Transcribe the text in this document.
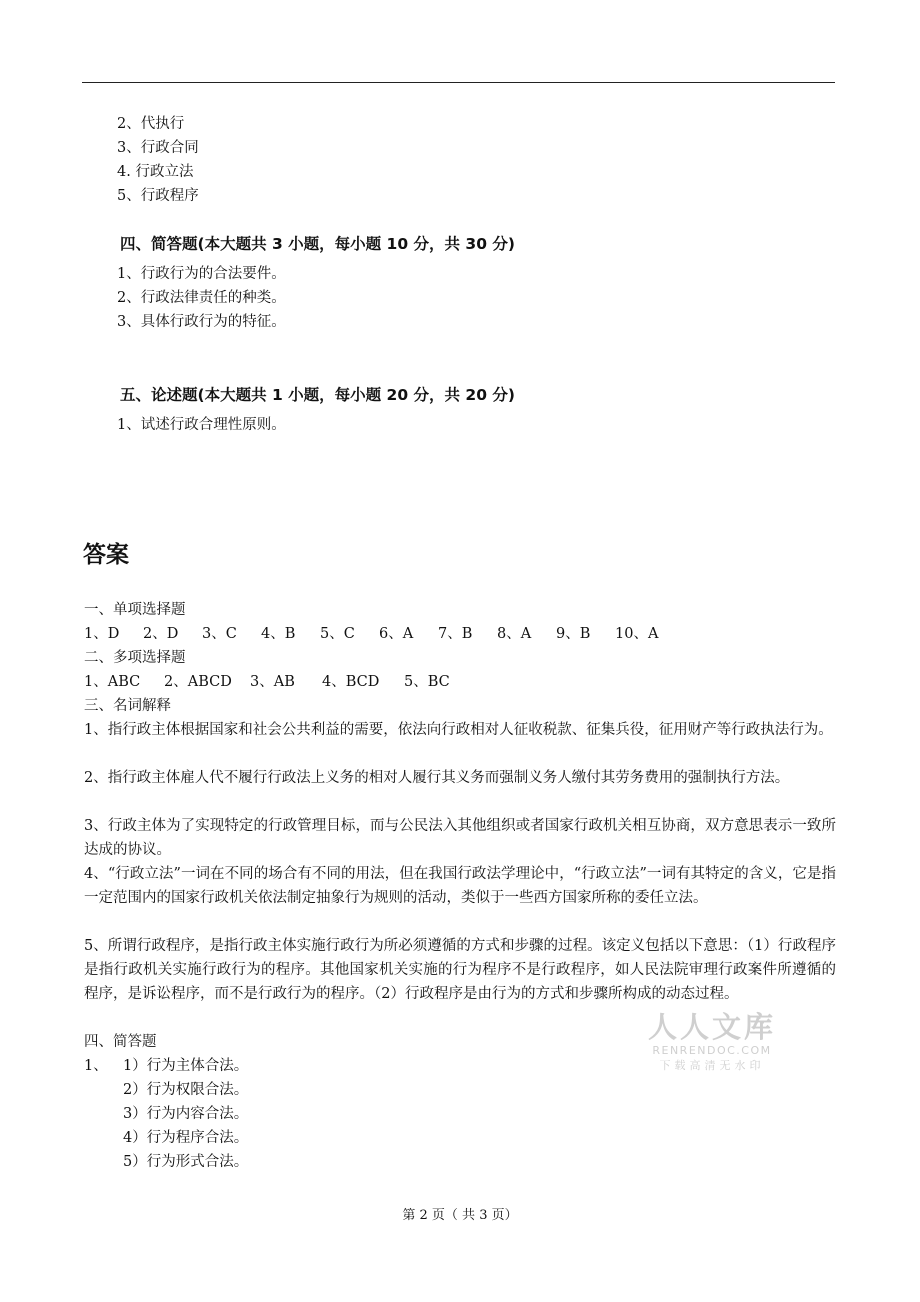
2、代执行
3、行政合同
4. 行政立法
5、行政程序
四、简答题(本大题共 3 小题，每小题 10 分，共 30 分)
1、行政行为的合法要件。
2、行政法律责任的种类。
3、具体行政行为的特征。
五、论述题(本大题共 1 小题，每小题 20 分，共 20 分)
1、试述行政合理性原则。
答案
一、单项选择题
1、D	2、D	3、C	4、B	5、C	6、A	7、B	8、A	9、B	10、A
二、多项选择题
1、ABC	2、ABCD	3、AB	4、BCD	5、BC
三、名词解释
1、指行政主体根据国家和社会公共利益的需要，依法向行政相对人征收税款、征集兵役，征用财产等行政执法行为。
2、指行政主体雇人代不履行行政法上义务的相对人履行其义务而强制义务人缴付其劳务费用的强制执行方法。
3、行政主体为了实现特定的行政管理目标，而与公民法入其他组织或者国家行政机关相互协商，双方意思表示一致所达成的协议。
4、“行政立法”一词在不同的场合有不同的用法，但在我国行政法学理论中，“行政立法”一词有其特定的含义，它是指一定范围内的国家行政机关依法制定抽象行为规则的活动，类似于一些西方国家所称的委任立法。
5、所谓行政程序，是指行政主体实施行政行为所必须遵循的方式和步骤的过程。该定义包括以下意思：（1）行政程序是指行政机关实施行政行为的程序。其他国家机关实施的行为程序不是行政程序，如人民法院审理行政案件所遵循的程序，是诉讼程序，而不是行政行为的程序。（2）行政程序是由行为的方式和步骤所构成的动态过程。
四、简答题
1、 1）行为主体合法。
2）行为权限合法。
3）行为内容合法。
4）行为程序合法。
5）行为形式合法。
人人文库
RENRENDOC.COM
下载高清无水印
第 2 页（ 共 3 页）
